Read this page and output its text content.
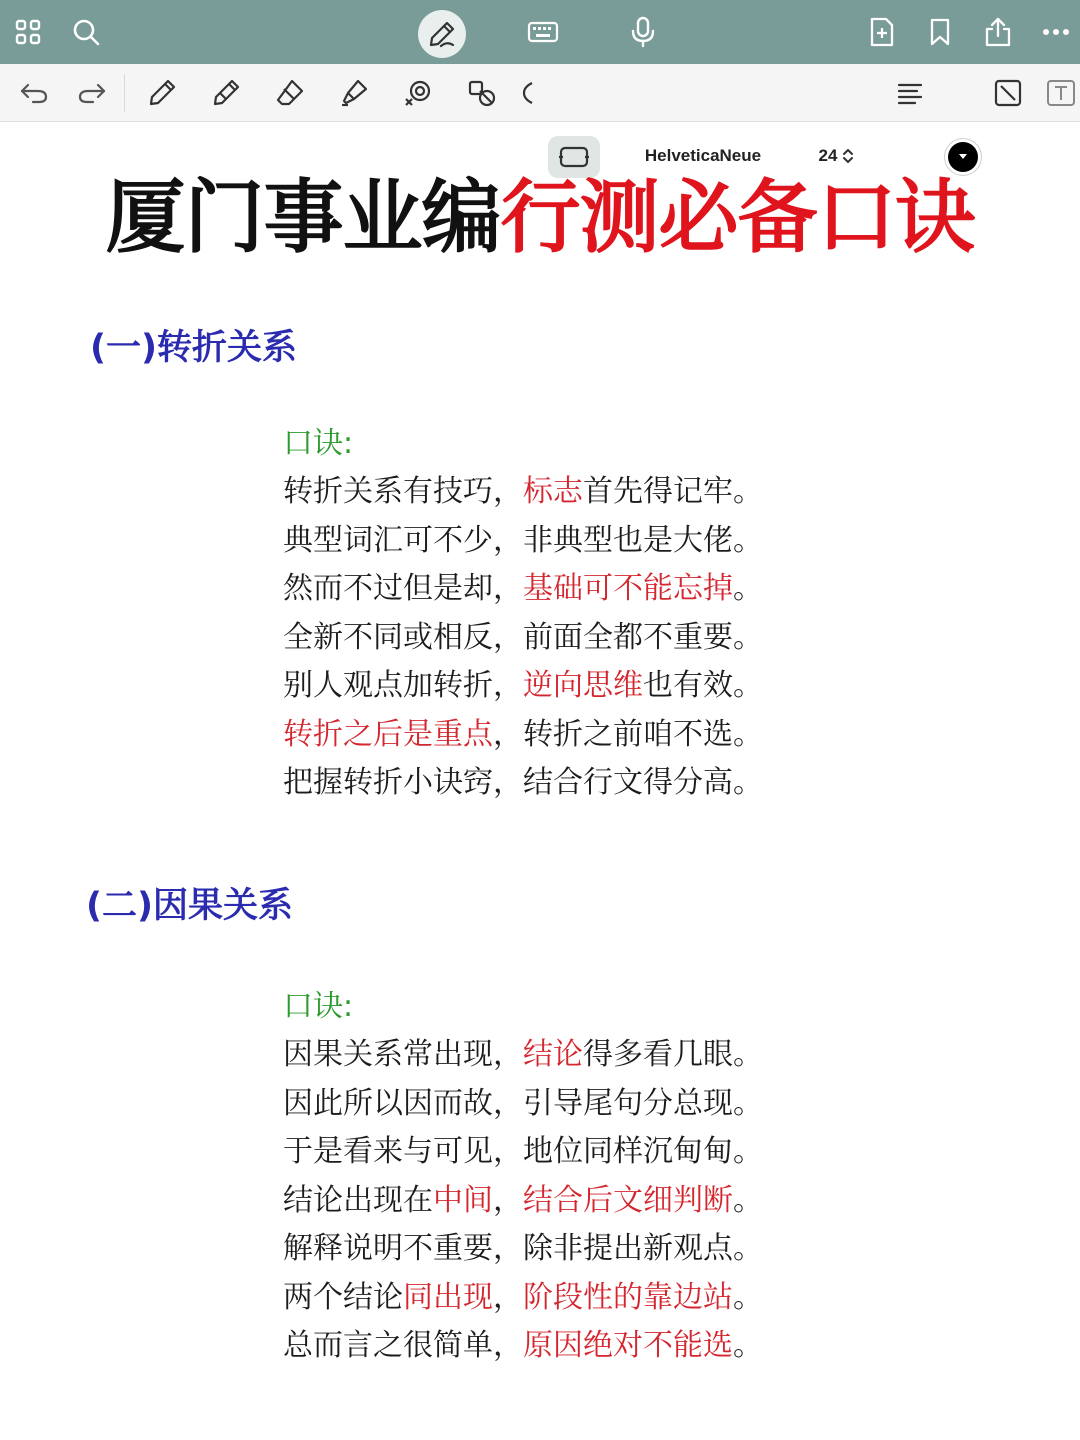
HelveticaNeue	24
厦门事业编行测必备口诀
(一)转折关系
口诀:
转折关系有技巧，标志首先得记牢。
典型词汇可不少，非典型也是大佬。
然而不过但是却，基础可不能忘掉。
全新不同或相反，前面全都不重要。
别人观点加转折，逆向思维也有效。
转折之后是重点，转折之前咱不选。
把握转折小诀窍，结合行文得分高。
(二)因果关系
口诀:
因果关系常出现，结论得多看几眼。
因此所以因而故，引导尾句分总现。
于是看来与可见，地位同样沉甸甸。
结论出现在中间，结合后文细判断。
解释说明不重要，除非提出新观点。
两个结论同出现，阶段性的靠边站。
总而言之很简单，原因绝对不能选。
